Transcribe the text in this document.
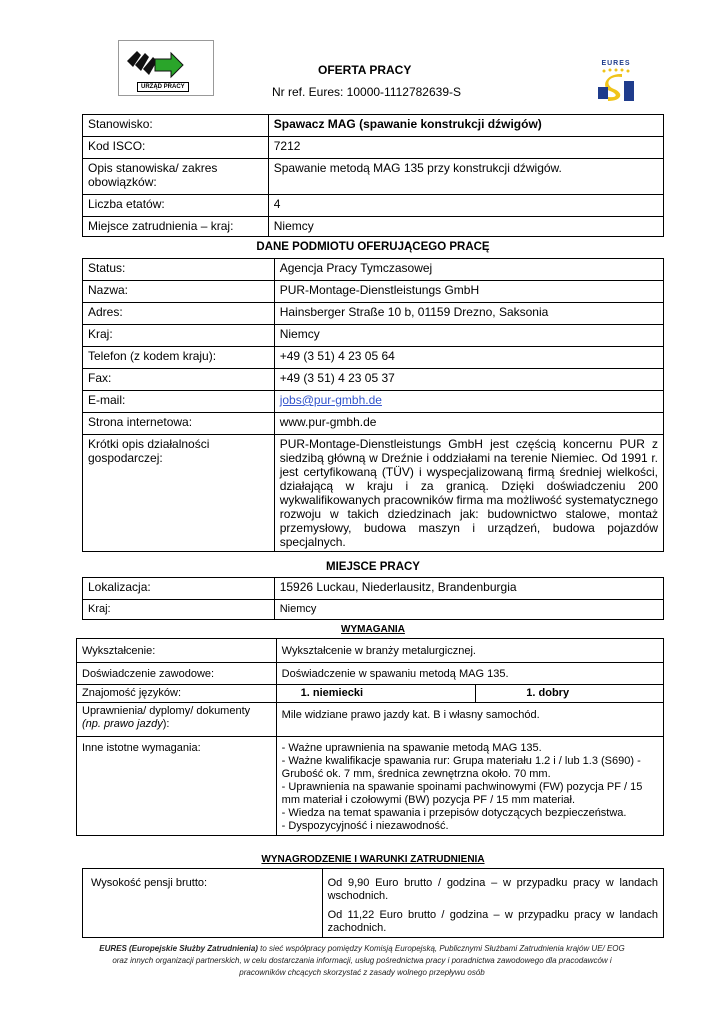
URZĄD PRACY
EURES
OFERTA PRACY
Nr ref. Eures: 10000-1112782639-S
Stanowisko:	Spawacz MAG (spawanie konstrukcji dźwigów)
Kod ISCO:	7212
Opis stanowiska/ zakres obowiązków:	Spawanie metodą MAG 135 przy konstrukcji dźwigów.
Liczba etatów:	4
Miejsce zatrudnienia – kraj:	Niemcy
DANE PODMIOTU OFERUJĄCEGO PRACĘ
Status:	Agencja Pracy Tymczasowej
Nazwa:	PUR-Montage-Dienstleistungs GmbH
Adres:	Hainsberger Straße 10 b, 01159 Drezno, Saksonia
Kraj:	Niemcy
Telefon (z kodem kraju):	+49 (3 51) 4 23 05 64
Fax:	+49 (3 51) 4 23 05 37
E-mail:	jobs@pur-gmbh.de
Strona internetowa:	www.pur-gmbh.de
Krótki opis działalności gospodarczej:	PUR-Montage-Dienstleistungs GmbH jest częścią koncernu PUR z siedzibą główną w Dreźnie i oddziałami na terenie Niemiec. Od 1991 r. jest certyfikowaną (TÜV) i wyspecjalizowaną firmą średniej wielkości, działającą w kraju i za granicą. Dzięki doświadczeniu 200 wykwalifikowanych pracowników firma ma możliwość systematycznego rozwoju w takich dziedzinach jak: budownictwo stalowe, montaż przemysłowy, budowa maszyn i urządzeń, budowa pojazdów specjalnych.
MIEJSCE PRACY
Lokalizacja:	15926 Luckau, Niederlausitz, Brandenburgia
Kraj:	Niemcy
WYMAGANIA
Wykształcenie:	Wykształcenie w branży metalurgicznej.	
Doświadczenie zawodowe:	Doświadczenie w spawaniu metodą MAG 135.	
Znajomość języków:	1. niemiecki	1. dobry
Uprawnienia/ dyplomy/ dokumenty
(np. prawo jazdy):	Mile widziane prawo jazdy kat. B i własny samochód.	
Inne istotne wymagania:	- Ważne uprawnienia na spawanie metodą MAG 135.
- Ważne kwalifikacje spawania rur: Grupa materiału 1.2 i / lub 1.3 (S690) - Grubość ok. 7 mm, średnica zewnętrzna około. 70 mm.
- Uprawnienia na spawanie spoinami pachwinowymi (FW) pozycja PF / 15 mm materiał i czołowymi (BW) pozycja PF / 15 mm materiał.
- Wiedza na temat spawania i przepisów dotyczących bezpieczeństwa.
- Dyspozycyjność i niezawodność.	
WYNAGRODZENIE I WARUNKI ZATRUDNIENIA
Wysokość pensji brutto:	Od 9,90 Euro brutto / godzina – w przypadku pracy w landach wschodnich.
Od 11,22 Euro brutto / godzina – w przypadku pracy w landach zachodnich.
EURES (Europejskie Służby Zatrudnienia) to sieć współpracy pomiędzy Komisją Europejską, Publicznymi Służbami Zatrudnienia krajów UE/ EOG
oraz innych organizacji partnerskich, w celu dostarczania informacji, usług pośrednictwa pracy i poradnictwa zawodowego dla pracodawców i
pracowników chcących skorzystać z zasady wolnego przepływu osób
